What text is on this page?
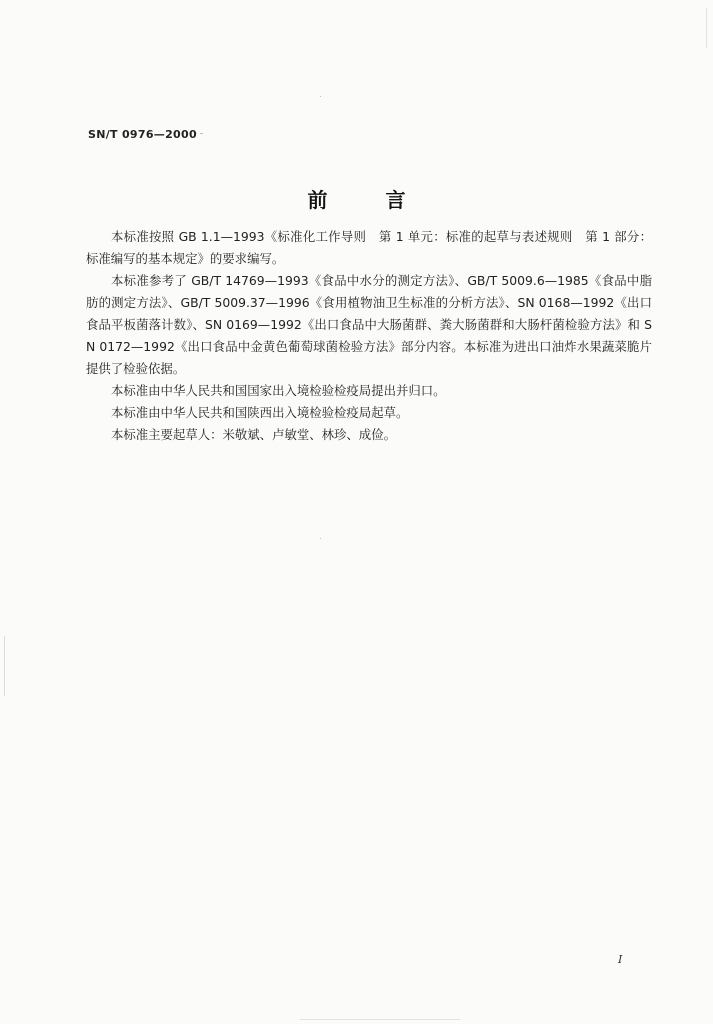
SN/T 0976—2000
前言

本标准按照 GB 1.1—1993《标准化工作导则　第 1 单元：标准的起草与表述规则　第 1 部分：标准编写的基本规定》的要求编写。

本标准参考了 GB/T 14769—1993《食品中水分的测定方法》、GB/T 5009.6—1985《食品中脂肪的测定方法》、GB/T 5009.37—1996《食用植物油卫生标准的分析方法》、SN 0168—1992《出口食品平板菌落计数》、SN 0169—1992《出口食品中大肠菌群、粪大肠菌群和大肠杆菌检验方法》和 SN 0172—1992《出口食品中金黄色葡萄球菌检验方法》部分内容。本标准为进出口油炸水果蔬菜脆片提供了检验依据。

本标准由中华人民共和国国家出入境检验检疫局提出并归口。

本标准由中华人民共和国陕西出入境检验检疫局起草。

本标准主要起草人：米敬斌、卢敏堂、林珍、成俭。

I
